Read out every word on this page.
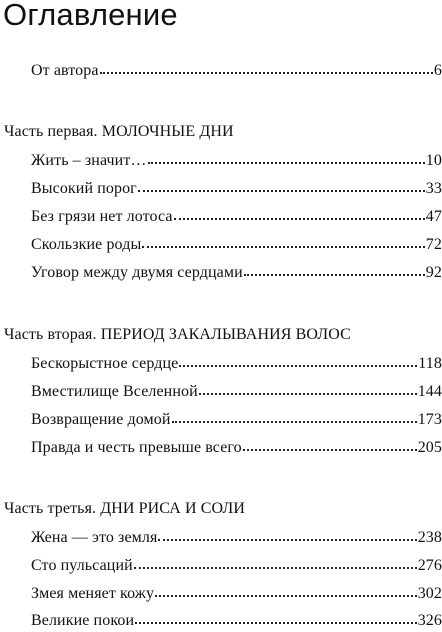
Оглавление
От автора	6
Часть первая. МОЛОЧНЫЕ ДНИ
Жить – значит…	10
Высокий порог	33
Без грязи нет лотоса	47
Скользкие роды	72
Уговор между двумя сердцами	92
Часть вторая. ПЕРИОД ЗАКАЛЫВАНИЯ ВОЛОС
Бескорыстное сердце	118
Вместилище Вселенной	144
Возвращение домой	173
Правда и честь превыше всего	205
Часть третья. ДНИ РИСА И СОЛИ
Жена — это земля	238
Сто пульсаций	276
Змея меняет кожу	302
Великие покои	326
